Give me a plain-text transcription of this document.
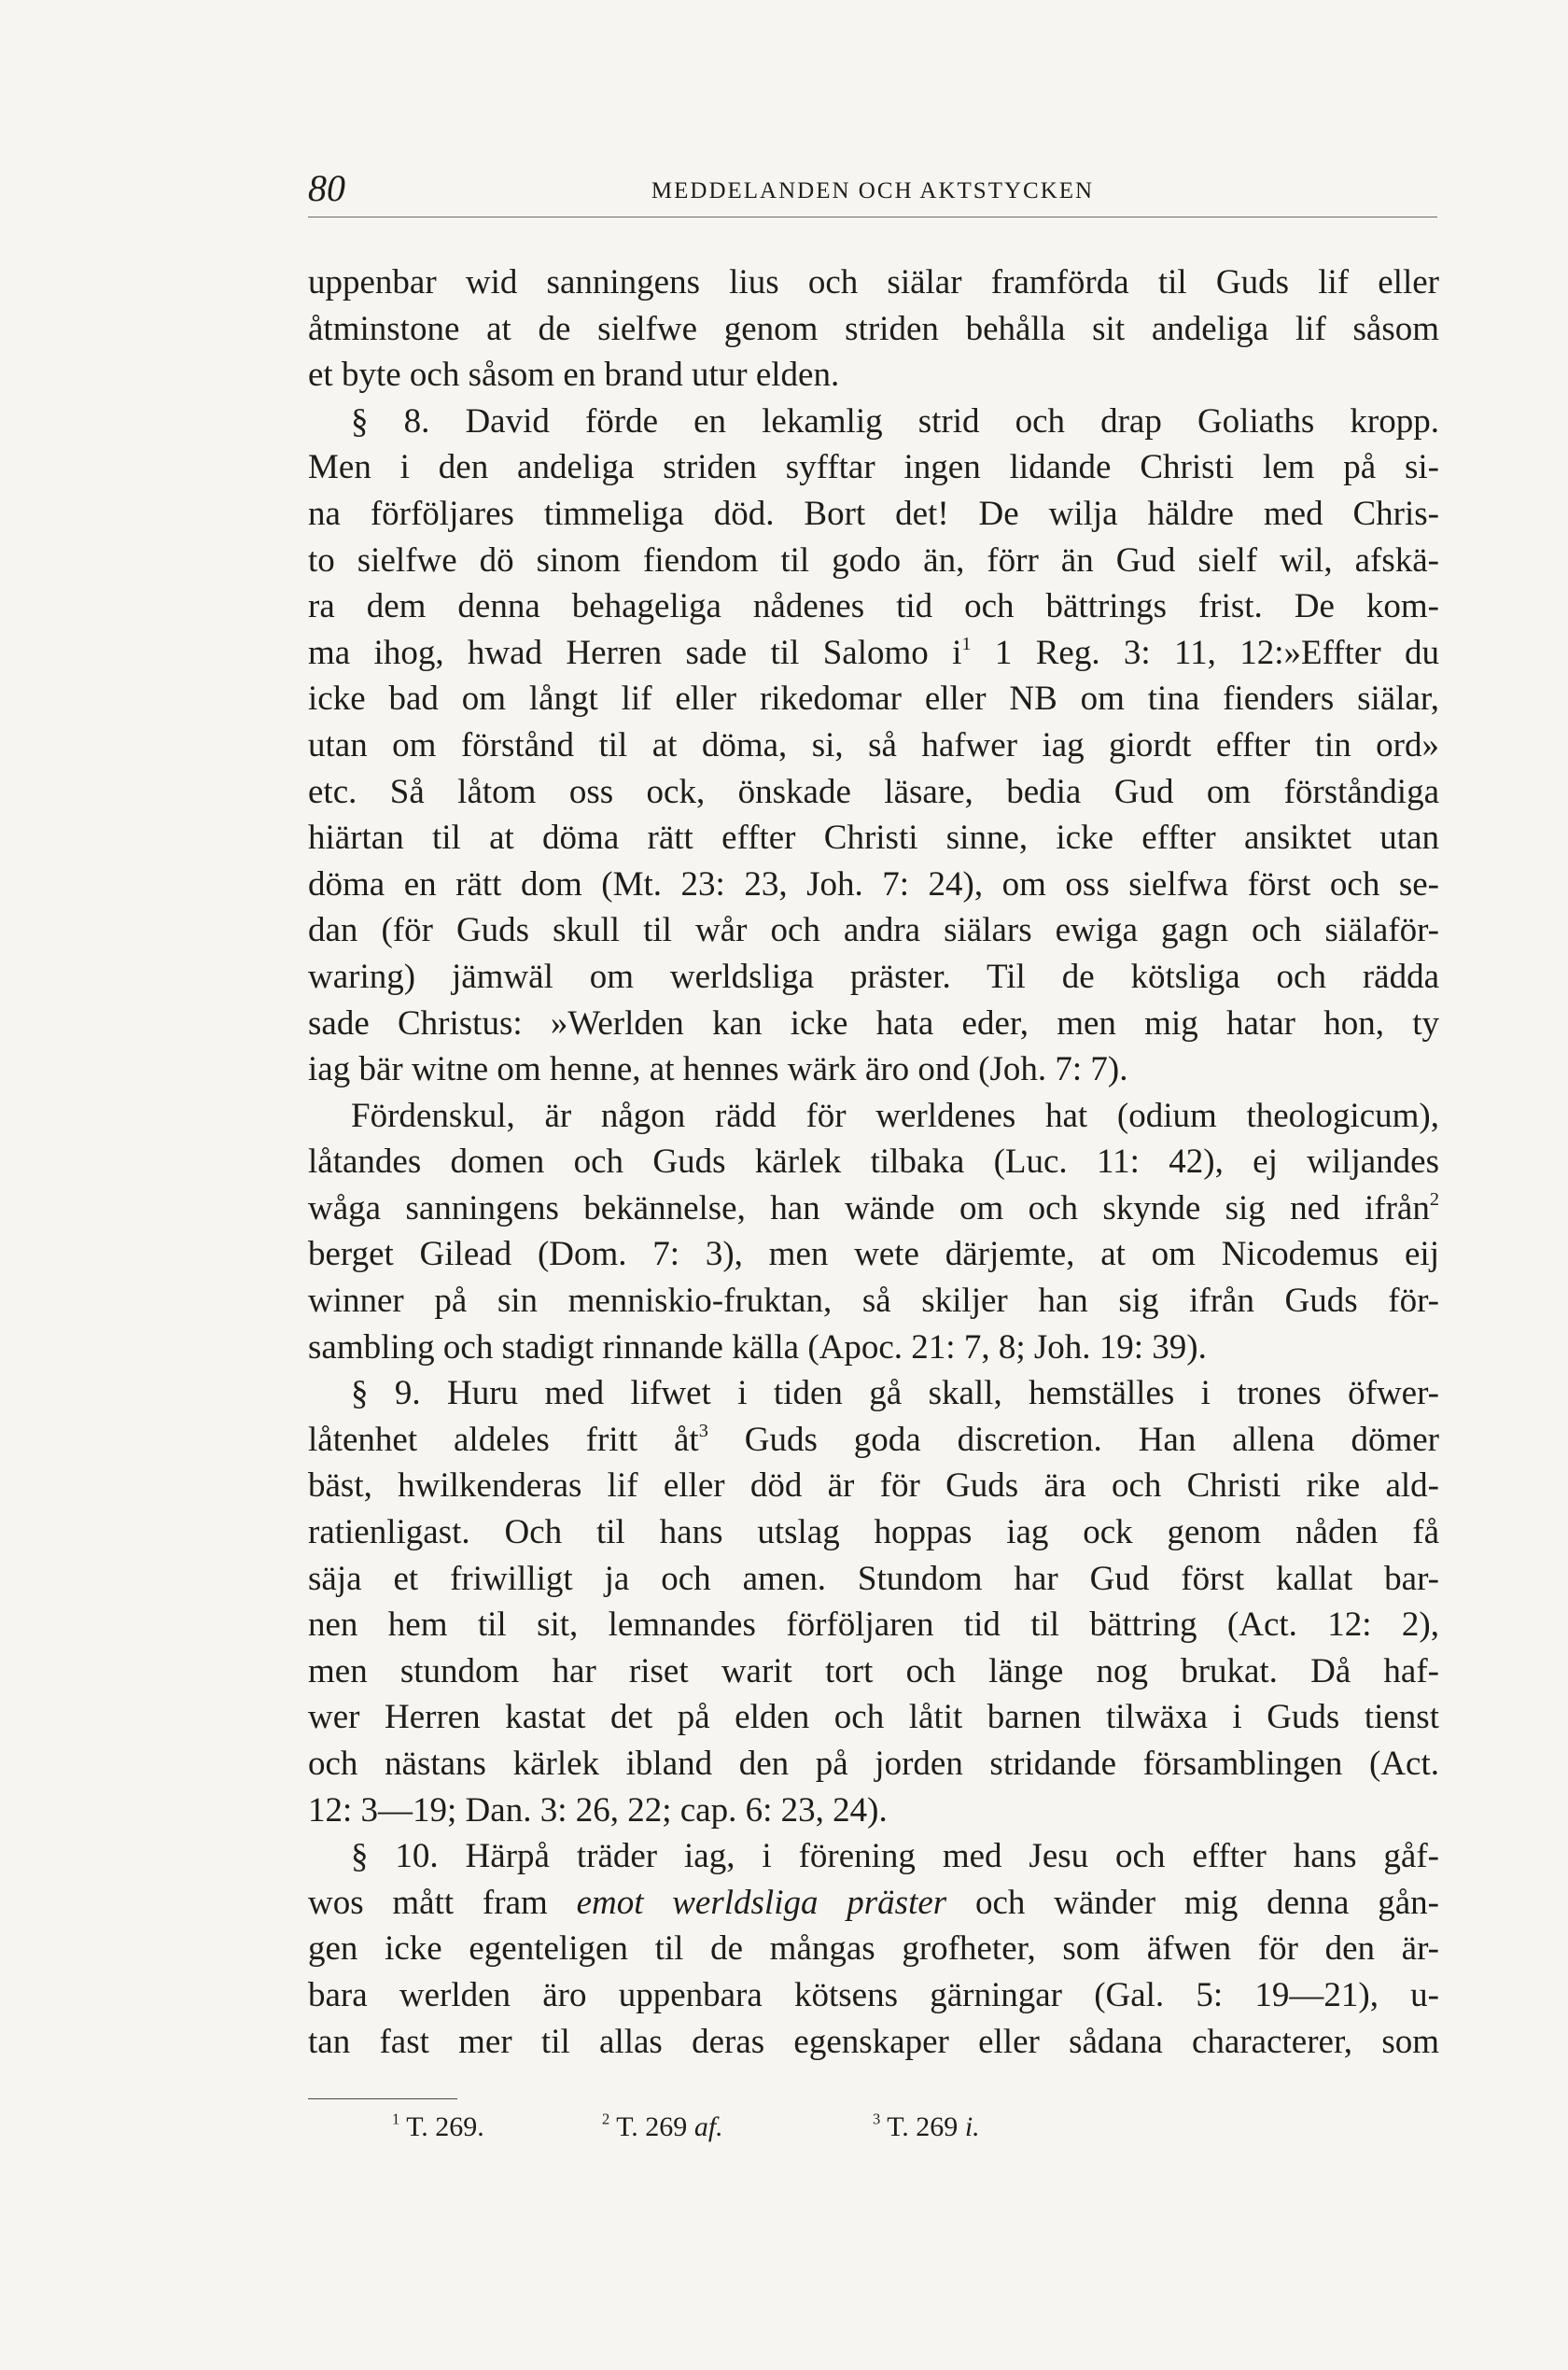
80	MEDDELANDEN OCH AKTSTYCKEN
uppenbar wid sanningens lius och siälar framförda til Guds lif eller
åtminstone at de sielfwe genom striden behålla sit andeliga lif såsom
et byte och såsom en brand utur elden.
§ 8. David förde en lekamlig strid och drap Goliaths kropp.
Men i den andeliga striden syfftar ingen lidande Christi lem på si-
na förföljares timmeliga död. Bort det! De wilja häldre med Chris-
to sielfwe dö sinom fiendom til godo än, förr än Gud sielf wil, afskä-
ra dem denna behageliga nådenes tid och bättrings frist. De kom-
ma ihog, hwad Herren sade til Salomo $i^1$ 1 Reg. 3: 11, 12:»Effter du
icke bad om långt lif eller rikedomar eller NB om tina fienders siälar,
utan om förstånd til at döma, si, så hafwer iag giordt effter tin ord»
etc. Så låtom oss ock, önskade läsare, bedia Gud om förståndiga
hiärtan til at döma rätt effter Christi sinne, icke effter ansiktet utan
döma en rätt dom (Mt. 23: 23, Joh. 7: 24), om oss sielfwa först och se-
dan (för Guds skull til wår och andra siälars ewiga gagn och siälaför-
waring) jämwäl om werldsliga präster. Til de kötsliga och rädda
sade Christus: »Werlden kan icke hata eder, men mig hatar hon, ty
iag bär witne om henne, at hennes wärk äro ond (Joh. 7: 7).
Fördenskul, är någon rädd för werldenes hat (odium theologicum),
låtandes domen och Guds kärlek tilbaka (Luc. 11: 42), ej wiljandes
wåga sanningens bekännelse, han wände om och skynde sig ned ifrån$^2$
berget Gilead (Dom. 7: 3), men wete därjemte, at om Nicodemus eij
winner på sin menniskio-fruktan, så skiljer han sig ifrån Guds för-
sambling och stadigt rinnande källa (Apoc. 21: 7, 8; Joh. 19: 39).
§ 9. Huru med lifwet i tiden gå skall, hemställes i trones öfwer-
låtenhet aldeles fritt $åt^3$ Guds goda discretion. Han allena dömer
bäst, hwilkenderas lif eller död är för Guds ära och Christi rike ald-
ratienligast. Och til hans utslag hoppas iag ock genom nåden få
säja et friwilligt ja och amen. Stundom har Gud först kallat bar-
nen hem til sit, lemnandes förföljaren tid til bättring (Act. 12: 2),
men stundom har riset warit tort och länge nog brukat. Då haf-
wer Herren kastat det på elden och låtit barnen tilwäxa i Guds tienst
och nästans kärlek ibland den på jorden stridande församblingen (Act.
12: 3—19; Dan. 3: 26, 22; cap. 6: 23, 24).
§ 10. Härpå träder iag, i förening med Jesu och effter hans gåf-
wos mått fram emot werldsliga präster och wänder mig denna gån-
gen icke egenteligen til de mångas grofheter, som äfwen för den är-
bara werlden äro uppenbara kötsens gärningar (Gal. 5: 19—21), u-
tan fast mer til allas deras egenskaper eller sådana characterer, som
$^1$ T. 269.	$^2$ T. 269 af.	$^3$ T. 269 i.
